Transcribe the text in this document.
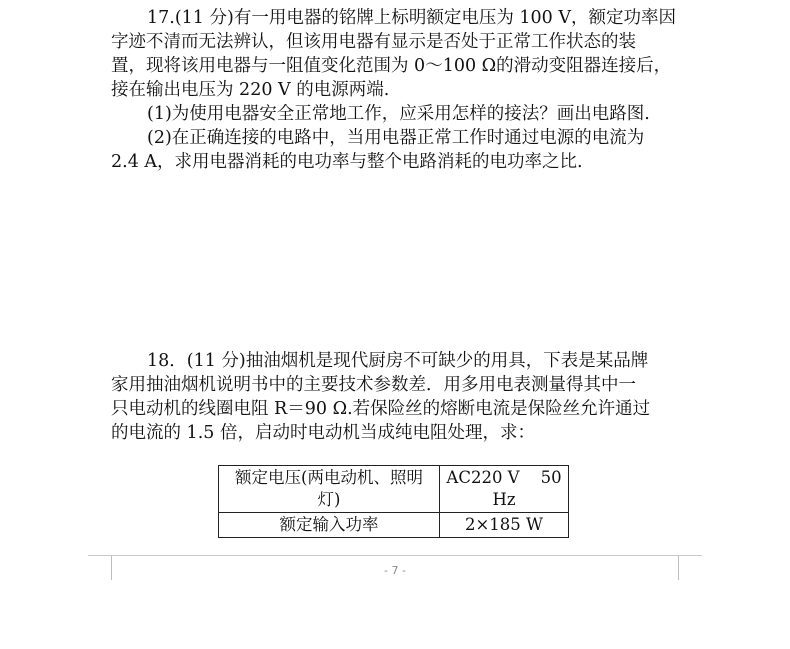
17.(11 分)有一用电器的铭牌上标明额定电压为 100 V，额定功率因
字迹不清而无法辨认，但该用电器有显示是否处于正常工作状态的装
置，现将该用电器与一阻值变化范围为 0～100 Ω的滑动变阻器连接后，
接在输出电压为 220 V 的电源两端.
(1)为使用电器安全正常地工作，应采用怎样的接法？画出电路图.
(2)在正确连接的电路中，当用电器正常工作时通过电源的电流为
2.4 A，求用电器消耗的电功率与整个电路消耗的电功率之比.
18．(11 分)抽油烟机是现代厨房不可缺少的用具，下表是某品牌
家用抽油烟机说明书中的主要技术参数差．用多用电表测量得其中一
只电动机的线圈电阻 R＝90 Ω.若保险丝的熔断电流是保险丝允许通过
的电流的 1.5 倍，启动时电动机当成纯电阻处理，求：
额定电压(两电动机、照明
灯)	AC220 V    50
Hz
额定输入功率	2×185 W
- 7 -
